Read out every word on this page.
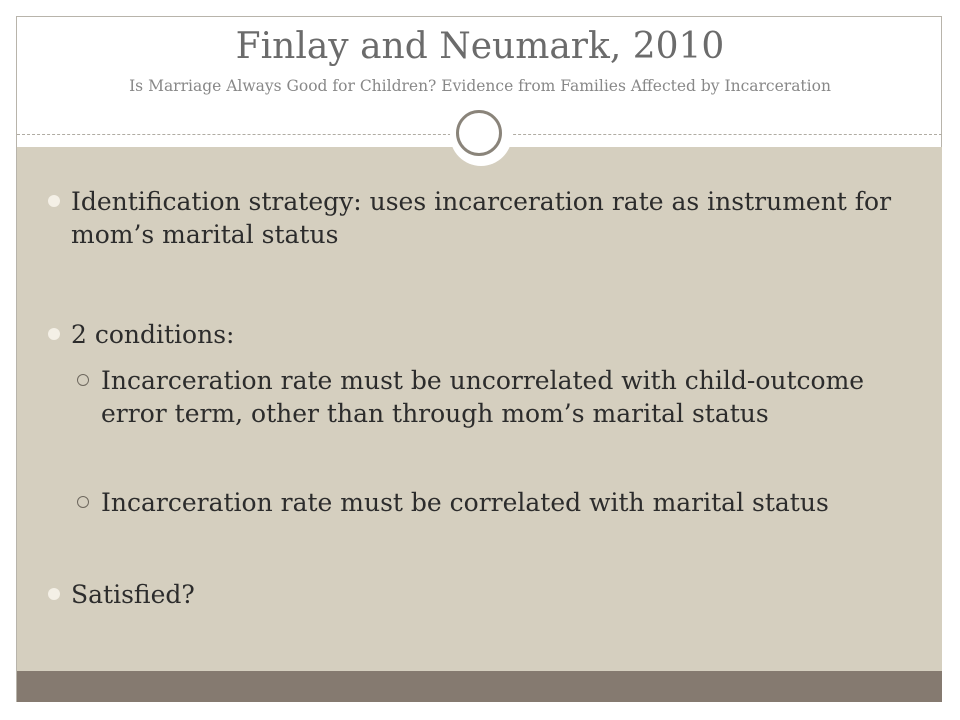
Finlay and Neumark, 2010
Is Marriage Always Good for Children? Evidence from Families Affected by Incarceration
Identification strategy: uses incarceration rate as instrument for mom’s marital status
2 conditions:
Incarceration rate must be uncorrelated with child-outcome error term, other than through mom’s marital status
Incarceration rate must be correlated with marital status
Satisfied?
